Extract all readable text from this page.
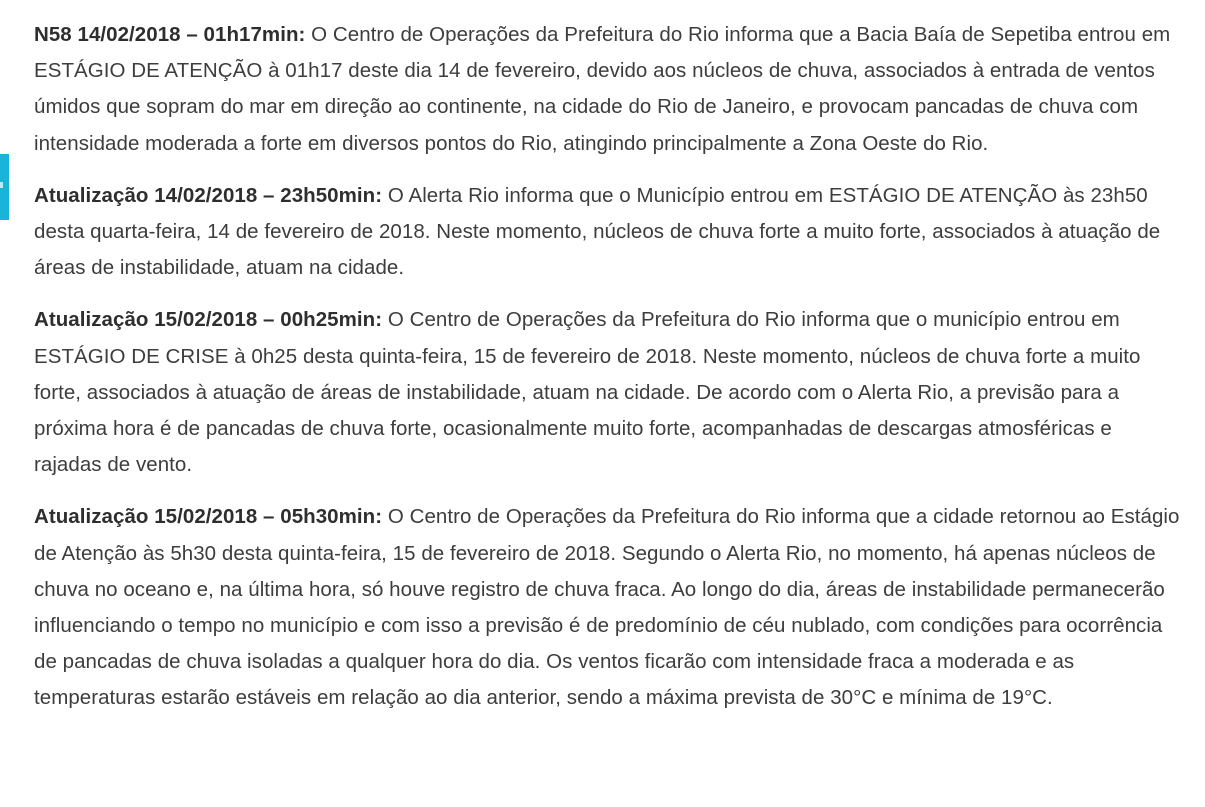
N58 14/02/2018 – 01h17min: O Centro de Operações da Prefeitura do Rio informa que a Bacia Baía de Sepetiba entrou em ESTÁGIO DE ATENÇÃO à 01h17 deste dia 14 de fevereiro, devido aos núcleos de chuva, associados à entrada de ventos úmidos que sopram do mar em direção ao continente, na cidade do Rio de Janeiro, e provocam pancadas de chuva com intensidade moderada a forte em diversos pontos do Rio, atingindo principalmente a Zona Oeste do Rio.

Atualização 14/02/2018 – 23h50min: O Alerta Rio informa que o Município entrou em ESTÁGIO DE ATENÇÃO às 23h50 desta quarta-feira, 14 de fevereiro de 2018. Neste momento, núcleos de chuva forte a muito forte, associados à atuação de áreas de instabilidade, atuam na cidade.

Atualização 15/02/2018 – 00h25min: O Centro de Operações da Prefeitura do Rio informa que o município entrou em ESTÁGIO DE CRISE à 0h25 desta quinta-feira, 15 de fevereiro de 2018. Neste momento, núcleos de chuva forte a muito forte, associados à atuação de áreas de instabilidade, atuam na cidade. De acordo com o Alerta Rio, a previsão para a próxima hora é de pancadas de chuva forte, ocasionalmente muito forte, acompanhadas de descargas atmosféricas e rajadas de vento.

Atualização 15/02/2018 – 05h30min: O Centro de Operações da Prefeitura do Rio informa que a cidade retornou ao Estágio de Atenção às 5h30 desta quinta-feira, 15 de fevereiro de 2018. Segundo o Alerta Rio, no momento, há apenas núcleos de chuva no oceano e, na última hora, só houve registro de chuva fraca. Ao longo do dia, áreas de instabilidade permanecerão influenciando o tempo no município e com isso a previsão é de predomínio de céu nublado, com condições para ocorrência de pancadas de chuva isoladas a qualquer hora do dia. Os ventos ficarão com intensidade fraca a moderada e as temperaturas estarão estáveis em relação ao dia anterior, sendo a máxima prevista de 30°C e mínima de 19°C.
